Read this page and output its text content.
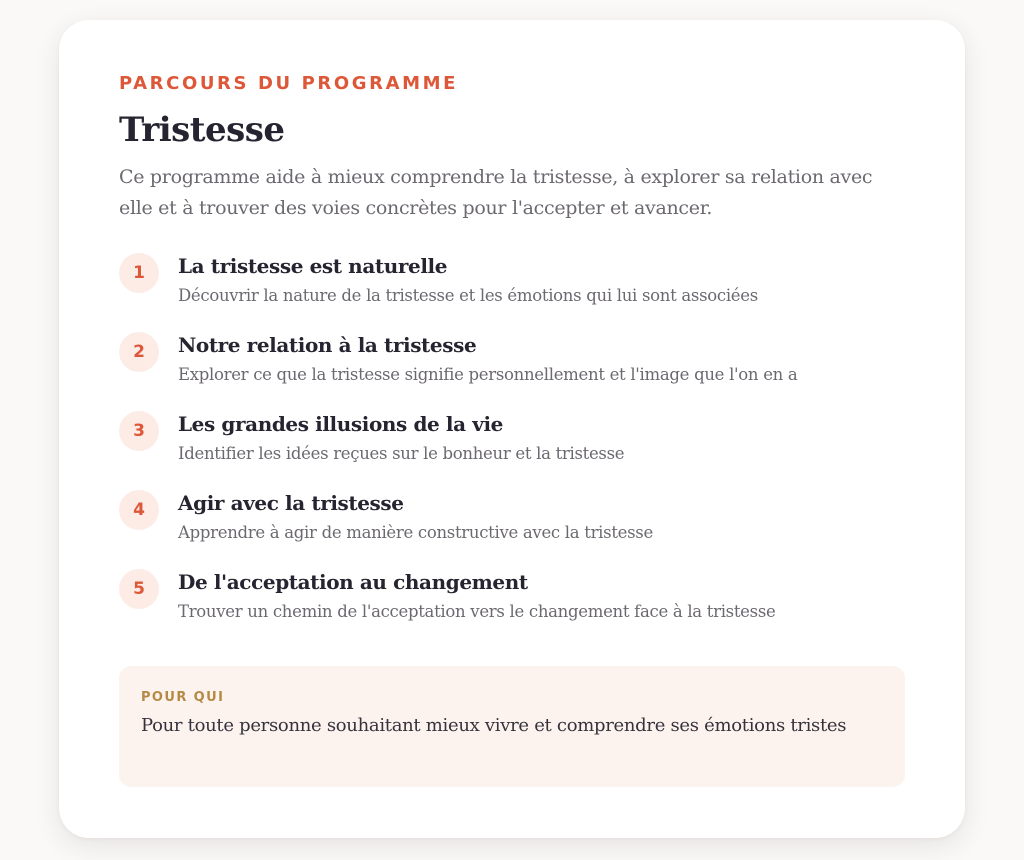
PARCOURS DU PROGRAMME

Tristesse

Ce programme aide à mieux comprendre la tristesse, à explorer sa relation avec elle et à trouver des voies concrètes pour l'accepter et avancer.

1	La tristesse est naturelle
Découvrir la nature de la tristesse et les émotions qui lui sont associées
2	Notre relation à la tristesse
Explorer ce que la tristesse signifie personnellement et l'image que l'on en a
3	Les grandes illusions de la vie
Identifier les idées reçues sur le bonheur et la tristesse
4	Agir avec la tristesse
Apprendre à agir de manière constructive avec la tristesse
5	De l'acceptation au changement
Trouver un chemin de l'acceptation vers le changement face à la tristesse
POUR QUI
Pour toute personne souhaitant mieux vivre et comprendre ses émotions tristes
